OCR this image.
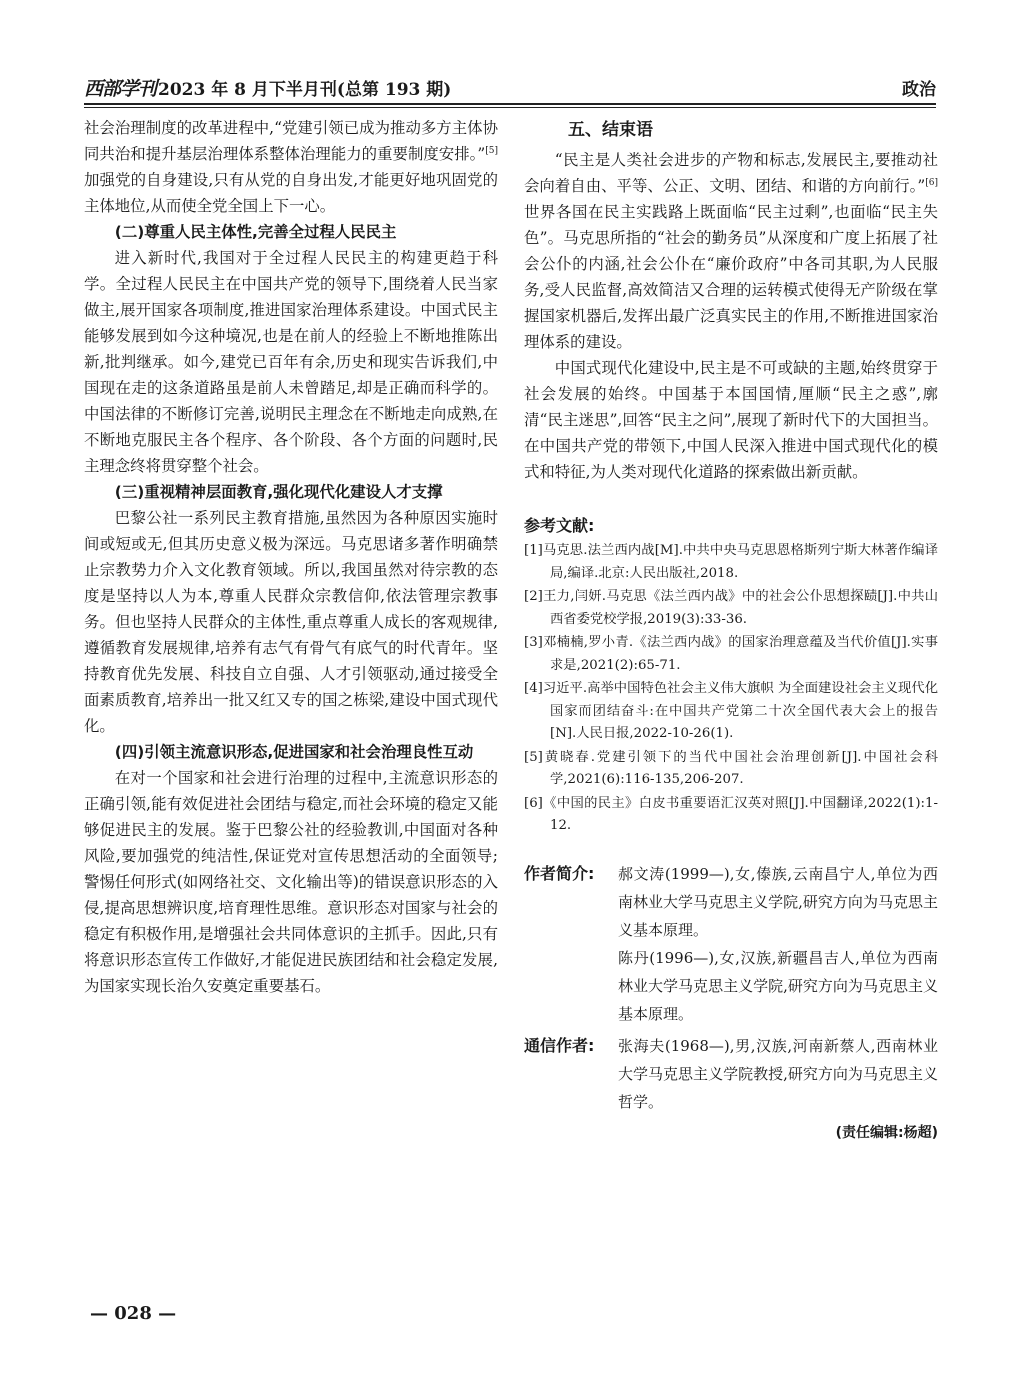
西部学刊 2023 年 8 月下半月刊(总第 193 期)	政治

社会治理制度的改革进程中,“党建引领已成为推动多方主体协同共治和提升基层治理体系整体治理能力的重要制度安排。”[5]加强党的自身建设,只有从党的自身出发,才能更好地巩固党的主体地位,从而使全党全国上下一心。

(二)尊重人民主体性,完善全过程人民民主

进入新时代,我国对于全过程人民民主的构建更趋于科学。全过程人民民主在中国共产党的领导下,围绕着人民当家做主,展开国家各项制度,推进国家治理体系建设。中国式民主能够发展到如今这种境况,也是在前人的经验上不断地推陈出新,批判继承。如今,建党已百年有余,历史和现实告诉我们,中国现在走的这条道路虽是前人未曾踏足,却是正确而科学的。中国法律的不断修订完善,说明民主理念在不断地走向成熟,在不断地克服民主各个程序、各个阶段、各个方面的问题时,民主理念终将贯穿整个社会。

(三)重视精神层面教育,强化现代化建设人才支撑

巴黎公社一系列民主教育措施,虽然因为各种原因实施时间或短或无,但其历史意义极为深远。马克思诸多著作明确禁止宗教势力介入文化教育领域。所以,我国虽然对待宗教的态度是坚持以人为本,尊重人民群众宗教信仰,依法管理宗教事务。但也坚持人民群众的主体性,重点尊重人成长的客观规律,遵循教育发展规律,培养有志气有骨气有底气的时代青年。坚持教育优先发展、科技自立自强、人才引领驱动,通过接受全面素质教育,培养出一批又红又专的国之栋梁,建设中国式现代化。

(四)引领主流意识形态,促进国家和社会治理良性互动

在对一个国家和社会进行治理的过程中,主流意识形态的正确引领,能有效促进社会团结与稳定,而社会环境的稳定又能够促进民主的发展。鉴于巴黎公社的经验教训,中国面对各种风险,要加强党的纯洁性,保证党对宣传思想活动的全面领导;警惕任何形式(如网络社交、文化输出等)的错误意识形态的入侵,提高思想辨识度,培育理性思维。意识形态对国家与社会的稳定有积极作用,是增强社会共同体意识的主抓手。因此,只有将意识形态宣传工作做好,才能促进民族团结和社会稳定发展,为国家实现长治久安奠定重要基石。

五、结束语

“民主是人类社会进步的产物和标志,发展民主,要推动社会向着自由、平等、公正、文明、团结、和谐的方向前行。”[6]世界各国在民主实践路上既面临“民主过剩”,也面临“民主失色”。马克思所指的“社会的勤务员”从深度和广度上拓展了社会公仆的内涵,社会公仆在“廉价政府”中各司其职,为人民服务,受人民监督,高效简洁又合理的运转模式使得无产阶级在掌握国家机器后,发挥出最广泛真实民主的作用,不断推进国家治理体系的建设。

中国式现代化建设中,民主是不可或缺的主题,始终贯穿于社会发展的始终。中国基于本国国情,厘顺“民主之惑”,廓清“民主迷思”,回答“民主之问”,展现了新时代下的大国担当。在中国共产党的带领下,中国人民深入推进中国式现代化的模式和特征,为人类对现代化道路的探索做出新贡献。

参考文献:
[1]马克思.法兰西内战[M].中共中央马克思恩格斯列宁斯大林著作编译局,编译.北京:人民出版社,2018.
[2]王力,闫妍.马克思《法兰西内战》中的社会公仆思想探赜[J].中共山西省委党校学报,2019(3):33-36.
[3]邓楠楠,罗小青.《法兰西内战》的国家治理意蕴及当代价值[J].实事求是,2021(2):65-71.
[4]习近平.高举中国特色社会主义伟大旗帜 为全面建设社会主义现代化国家而团结奋斗:在中国共产党第二十次全国代表大会上的报告[N].人民日报,2022-10-26(1).
[5]黄晓春.党建引领下的当代中国社会治理创新[J].中国社会科学,2021(6):116-135,206-207.
[6]《中国的民主》白皮书重要语汇汉英对照[J].中国翻译,2022(1):1-12.
作者简介:	郝文涛(1999—),女,傣族,云南昌宁人,单位为西南林业大学马克思主义学院,研究方向为马克思主义基本原理。

陈丹(1996—),女,汉族,新疆昌吉人,单位为西南林业大学马克思主义学院,研究方向为马克思主义基本原理。

通信作者:	张海夫(1968—),男,汉族,河南新蔡人,西南林业大学马克思主义学院教授,研究方向为马克思主义哲学。

(责任编辑:杨超)
— 028 —
